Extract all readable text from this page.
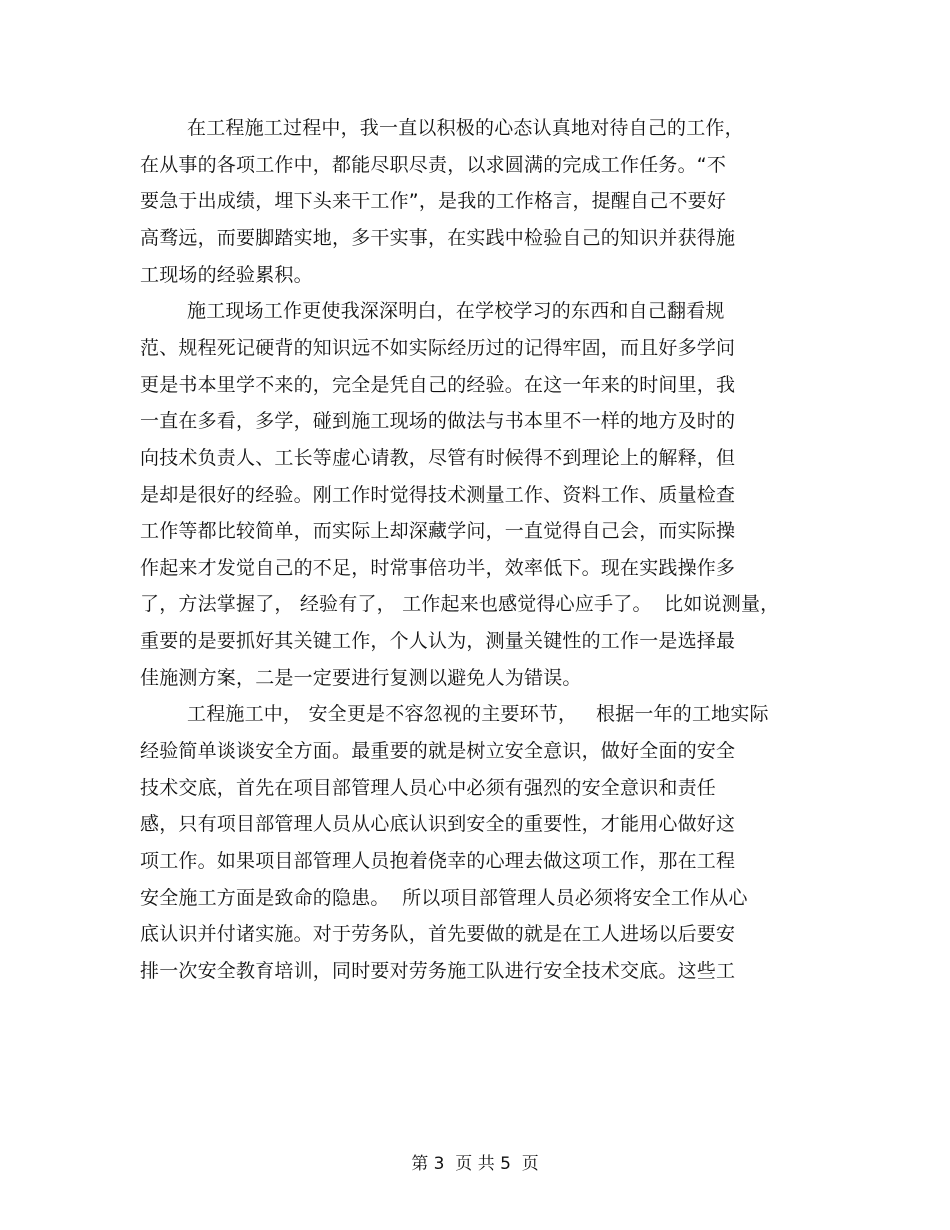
在工程施工过程中，我一直以积极的心态认真地对待自己的工作，
在从事的各项工作中，都能尽职尽责，以求圆满的完成工作任务。“不
要急于出成绩，埋下头来干工作”，是我的工作格言，提醒自己不要好
高骛远，而要脚踏实地，多干实事，在实践中检验自己的知识并获得施
工现场的经验累积。
施工现场工作更使我深深明白，在学校学习的东西和自己翻看规
范、规程死记硬背的知识远不如实际经历过的记得牢固，而且好多学问
更是书本里学不来的，完全是凭自己的经验。在这一年来的时间里，我
一直在多看，多学，碰到施工现场的做法与书本里不一样的地方及时的
向技术负责人、工长等虚心请教，尽管有时候得不到理论上的解释，但
是却是很好的经验。刚工作时觉得技术测量工作、资料工作、质量检查
工作等都比较简单，而实际上却深藏学问，一直觉得自己会，而实际操
作起来才发觉自己的不足，时常事倍功半，效率低下。现在实践操作多
了，方法掌握了， 经验有了， 工作起来也感觉得心应手了。  比如说测量，
重要的是要抓好其关键工作，个人认为，测量关键性的工作一是选择最
佳施测方案，二是一定要进行复测以避免人为错误。
工程施工中， 安全更是不容忽视的主要环节，   根据一年的工地实际
经验简单谈谈安全方面。最重要的就是树立安全意识，做好全面的安全
技术交底，首先在项目部管理人员心中必须有强烈的安全意识和责任
感，只有项目部管理人员从心底认识到安全的重要性，才能用心做好这
项工作。如果项目部管理人员抱着侥幸的心理去做这项工作，那在工程
安全施工方面是致命的隐患。  所以项目部管理人员必须将安全工作从心
底认识并付诸实施。对于劳务队，首先要做的就是在工人进场以后要安
排一次安全教育培训，同时要对劳务施工队进行安全技术交底。这些工
第 3  页 共 5  页
